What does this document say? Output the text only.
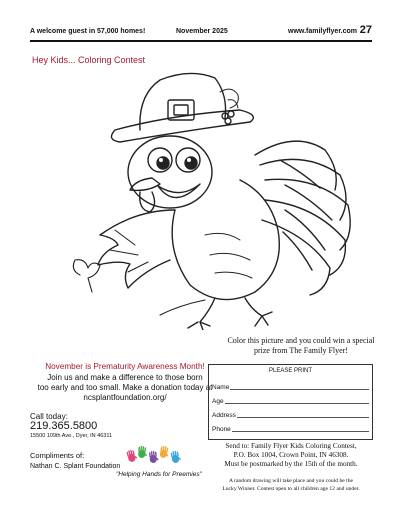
A welcome guest in 57,000 homes!	November 2025	www.familyflyer.com 27
Hey Kids... Coloring Contest
Color this picture and you could win a special prize from The Family Flyer!
November is Prematurity Awareness Month!
Join us and make a difference to those born
too early and too small. Make a donation today at
ncsplantfoundation.org/
Call today:
219.365.5800
15500 109th Ave., Dyer, IN 46311
Compliments of:
Nathan C. Splant Foundation
"Helping Hands for Preemies"
PLEASE PRINT
Name
Age
Address
Phone
Send to: Family Flyer Kids Coloring Contest,
P.O. Box 1004, Crown Point, IN 46308.
Must be postmarked by the 15th of the month.
A random drawing will take place and you could be the
Lucky Winner. Contest open to all children age 12 and under.
